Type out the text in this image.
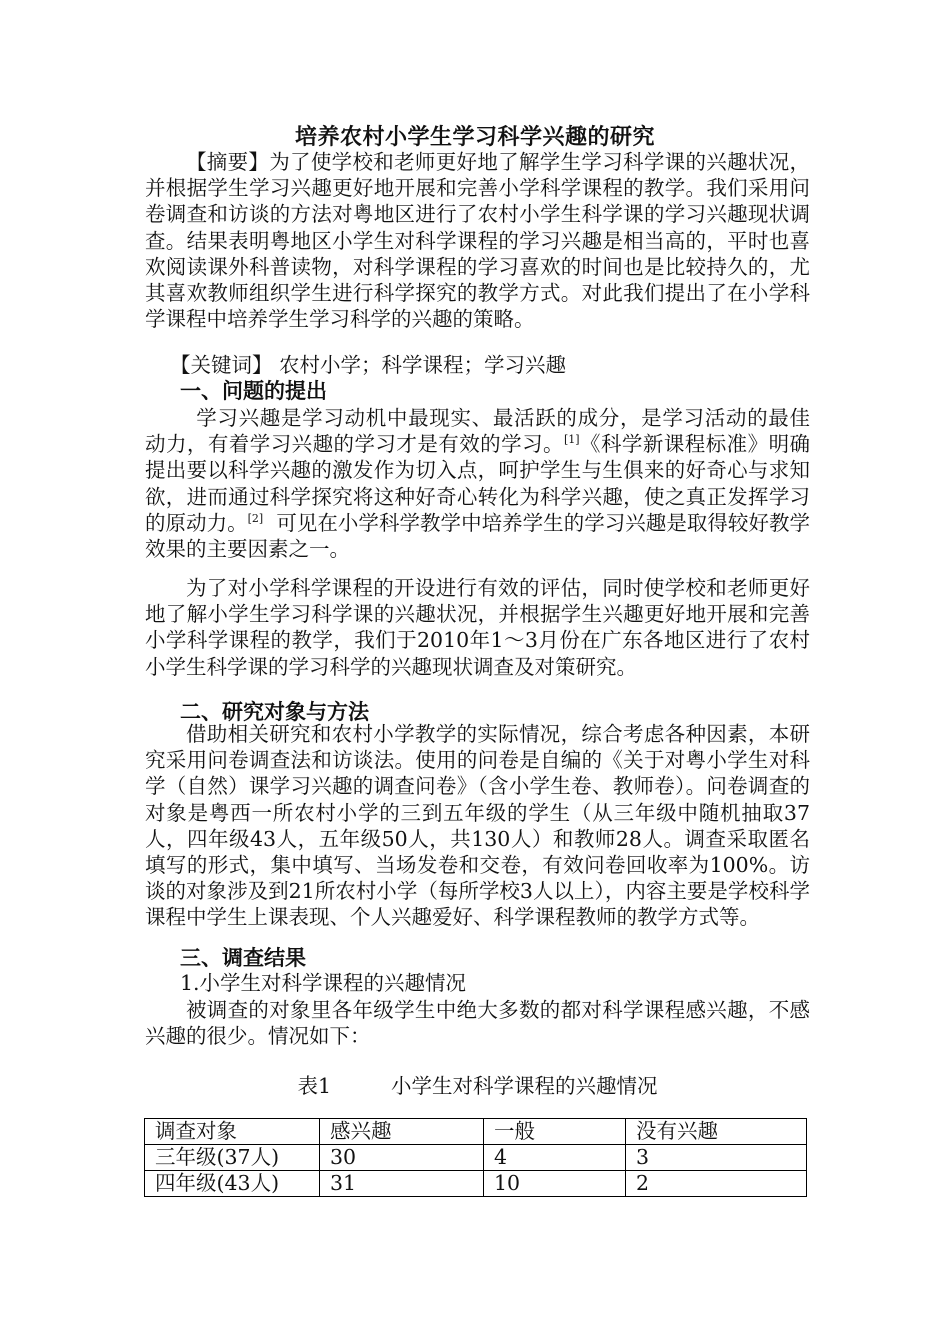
培养农村小学生学习科学兴趣的研究

【摘要】为了使学校和老师更好地了解学生学习科学课的兴趣状况，并根据学生学习兴趣更好地开展和完善小学科学课程的教学。我们采用问卷调查和访谈的方法对粤地区进行了农村小学生科学课的学习兴趣现状调查。结果表明粤地区小学生对科学课程的学习兴趣是相当高的，平时也喜欢阅读课外科普读物，对科学课程的学习喜欢的时间也是比较持久的，尤其喜欢教师组织学生进行科学探究的教学方式。对此我们提出了在小学科学课程中培养学生学习科学的兴趣的策略。

【关键词】 农村小学；科学课程；学习兴趣
一、问题的提出

学习兴趣是学习动机中最现实、最活跃的成分，是学习活动的最佳动力，有着学习兴趣的学习才是有效的学习。[1]《科学新课程标准》明确提出要以科学兴趣的激发作为切入点，呵护学生与生俱来的好奇心与求知欲，进而通过科学探究将这种好奇心转化为科学兴趣，使之真正发挥学习的原动力。[2] 可见在小学科学教学中培养学生的学习兴趣是取得较好教学效果的主要因素之一。

为了对小学科学课程的开设进行有效的评估，同时使学校和老师更好地了解小学生学习科学课的兴趣状况，并根据学生兴趣更好地开展和完善小学科学课程的教学，我们于2010年1～3月份在广东各地区进行了农村小学生科学课的学习科学的兴趣现状调查及对策研究。

二、研究对象与方法

借助相关研究和农村小学教学的实际情况，综合考虑各种因素，本研究采用问卷调查法和访谈法。使用的问卷是自编的《关于对粤小学生对科学（自然）课学习兴趣的调查问卷》（含小学生卷、教师卷）。问卷调查的对象是粤西一所农村小学的三到五年级的学生（从三年级中随机抽取37人，四年级43人，五年级50人，共130人）和教师28人。调查采取匿名填写的形式，集中填写、当场发卷和交卷，有效问卷回收率为100%。访谈的对象涉及到21所农村小学（每所学校3人以上），内容主要是学校科学课程中学生上课表现、个人兴趣爱好、科学课程教师的教学方式等。

三、调查结果
1.小学生对科学课程的兴趣情况

被调查的对象里各年级学生中绝大多数的都对科学课程感兴趣，不感兴趣的很少。情况如下：

表1	小学生对科学课程的兴趣情况
调查对象	感兴趣	一般	没有兴趣
三年级(37人)	30	4	3
四年级(43人)	31	10	2
